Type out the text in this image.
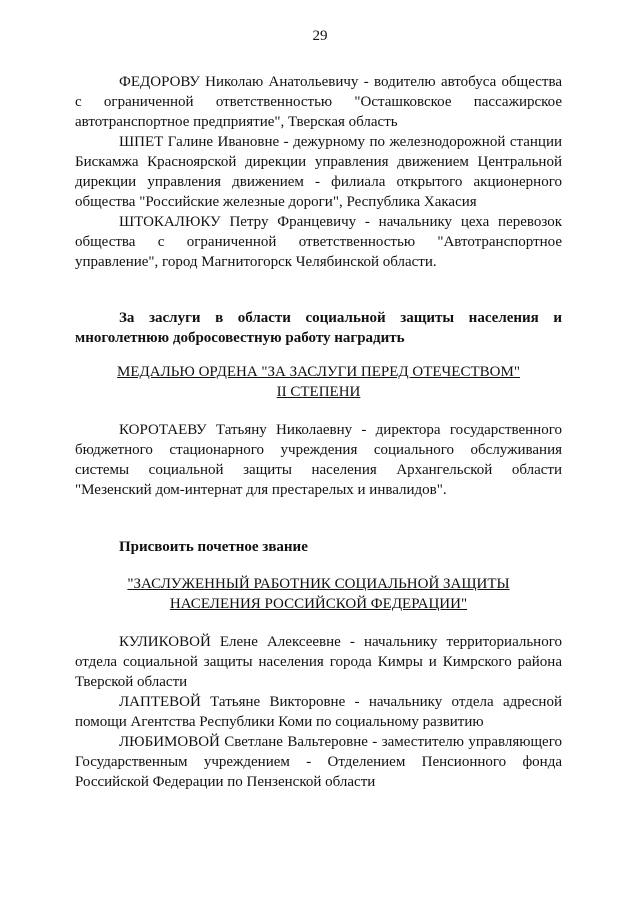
29

ФЕДОРОВУ Николаю Анатольевичу - водителю автобуса общества с ограниченной ответственностью "Осташковское пассажирское автотранспортное предприятие", Тверская область

ШПЕТ Галине Ивановне - дежурному по железнодорожной станции Бискамжа Красноярской дирекции управления движением Центральной дирекции управления движением - филиала открытого акционерного общества "Российские железные дороги", Республика Хакасия

ШТОКАЛЮКУ Петру Францевичу - начальнику цеха перевозок общества с ограниченной ответственностью "Автотранспортное управление", город Магнитогорск Челябинской области.

За заслуги в области социальной защиты населения и многолетнюю добросовестную работу наградить

МЕДАЛЬЮ ОРДЕНА "ЗА ЗАСЛУГИ ПЕРЕД ОТЕЧЕСТВОМ"
II СТЕПЕНИ

КОРОТАЕВУ Татьяну Николаевну - директора государственного бюджетного стационарного учреждения социального обслуживания системы социальной защиты населения Архангельской области "Мезенский дом-интернат для престарелых и инвалидов".

Присвоить почетное звание
"ЗАСЛУЖЕННЫЙ РАБОТНИК СОЦИАЛЬНОЙ ЗАЩИТЫ
НАСЕЛЕНИЯ РОССИЙСКОЙ ФЕДЕРАЦИИ"

КУЛИКОВОЙ Елене Алексеевне - начальнику территориального отдела социальной защиты населения города Кимры и Кимрского района Тверской области

ЛАПТЕВОЙ Татьяне Викторовне - начальнику отдела адресной помощи Агентства Республики Коми по социальному развитию

ЛЮБИМОВОЙ Светлане Вальтеровне - заместителю управляющего Государственным учреждением - Отделением Пенсионного фонда Российской Федерации по Пензенской области
